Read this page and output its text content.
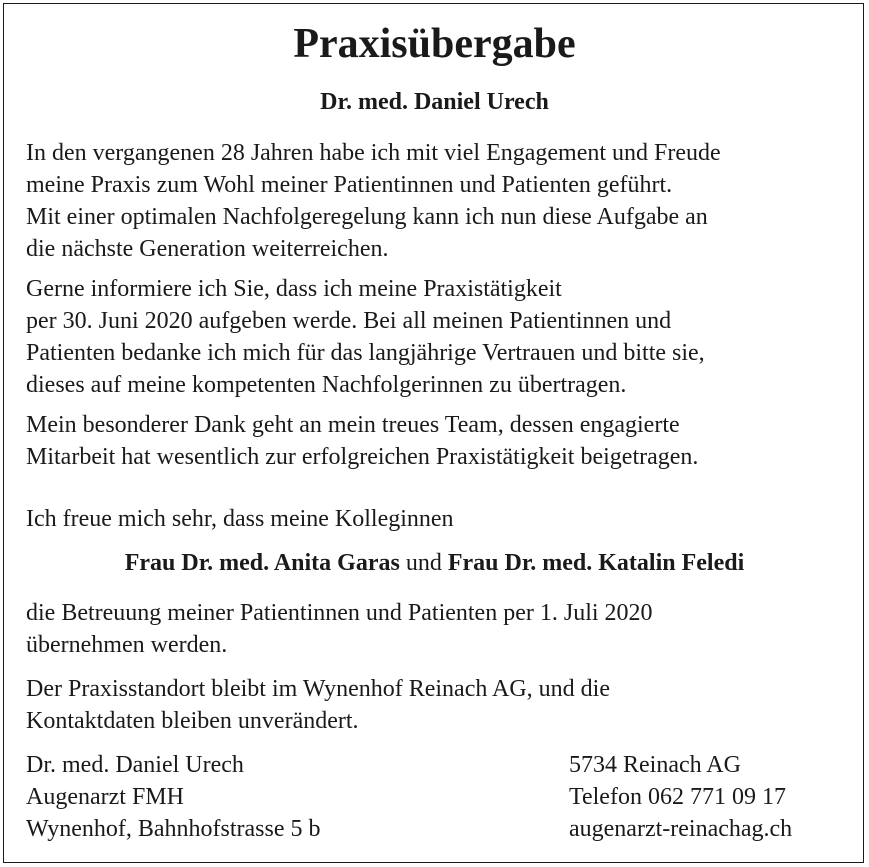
Praxisübergabe
Dr. med. Daniel Urech

In den vergangenen 28 Jahren habe ich mit viel Engagement und Freude
meine Praxis zum Wohl meiner Patientinnen und Patienten geführt.
Mit einer optimalen Nachfolgeregelung kann ich nun diese Aufgabe an
die nächste Generation weiterreichen.

Gerne informiere ich Sie, dass ich meine Praxistätigkeit
per 30. Juni 2020 aufgeben werde. Bei all meinen Patientinnen und
Patienten bedanke ich mich für das langjährige Vertrauen und bitte sie,
dieses auf meine kompetenten Nachfolgerinnen zu übertragen.

Mein besonderer Dank geht an mein treues Team, dessen engagierte
Mitarbeit hat wesentlich zur erfolgreichen Praxistätigkeit beigetragen.

Ich freue mich sehr, dass meine Kolleginnen

Frau Dr. med. Anita Garas und Frau Dr. med. Katalin Feledi

die Betreuung meiner Patientinnen und Patienten per 1. Juli 2020
übernehmen werden.

Der Praxisstandort bleibt im Wynenhof Reinach AG, und die
Kontaktdaten bleiben unverändert.

Dr. med. Daniel Urech
Augenarzt FMH
Wynenhof, Bahnhofstrasse 5 b
5734 Reinach AG
Telefon 062 771 09 17
augenarzt-reinachag.ch
